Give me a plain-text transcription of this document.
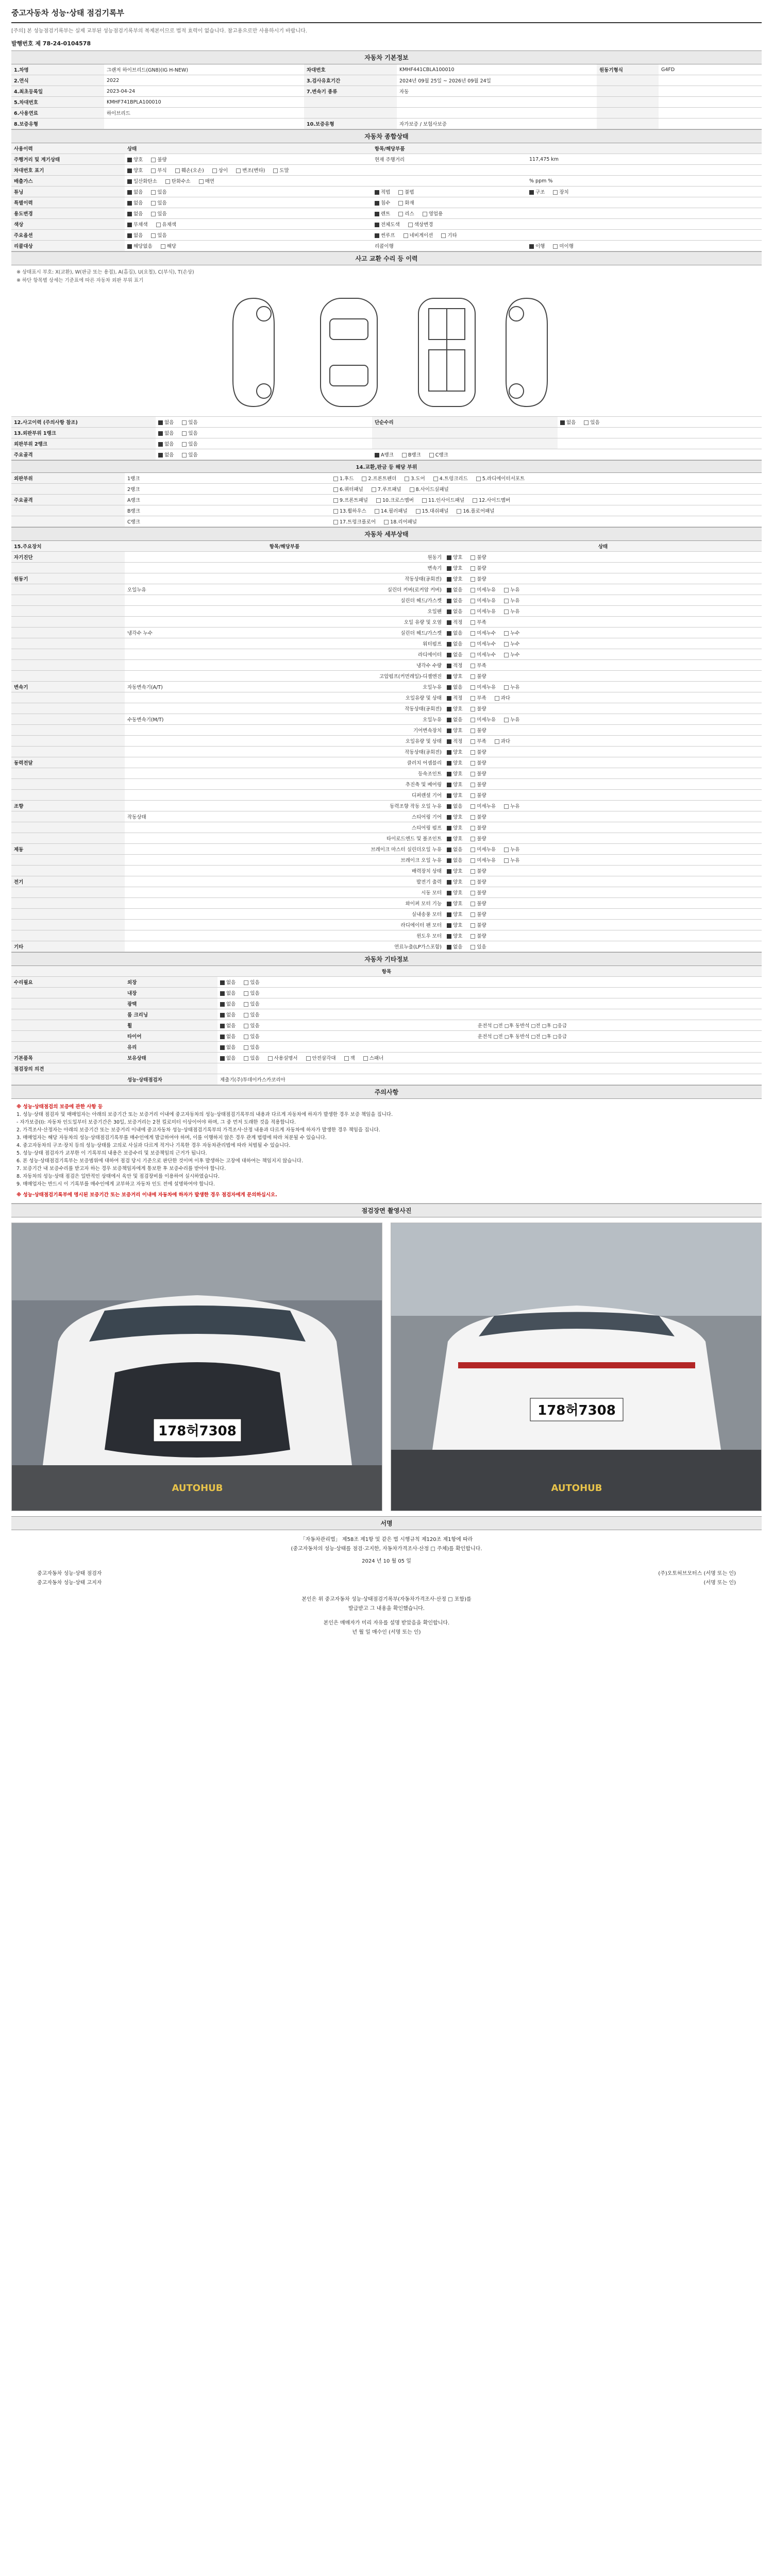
중고자동차 성능·상태 점검기록부
[주의] 본 성능점검기록부는 실제 교부된 성능점검기록부의 복제본이므로 법적 효력이 없습니다. 참고용으로만 사용하시기 바랍니다.
발행번호 제 78-24-0104578
자동차 기본정보
1.차명	그랜저 하이브리드(GN8)(IG H-NEW)	차대번호	KMHF441CBLA100010	원동기형식	G4FD
2.연식	2022	3.검사유효기간	2024년 09월 25일 ~ 2026년 09월 24일		
4.최초등록일	2023-04-24	7.변속기 종류	자동		
5.차대번호	KMHF741BPLA100010				
6.사용연료	하이브리드				
8.보증유형		10.보증유형	자가보증 / 보험사보증		
자동차 종합상태
사용이력	상태	항목/해당부품	
주행거리 및 계기상태	양호 불량	현재 주행거리	117,475 km
차대번호 표기	양호 부식 훼손(오손) 상이 변조(변타) 도말		
배출가스	일산화탄소 탄화수소 매연		% ppm %
튜닝	없음 있음	적법 불법	구조 장치
특별이력	없음 있음	침수 화재	
용도변경	없음 있음	렌트 리스 영업용	
색상	무채색 유채색	전체도색 색상변경	
주요옵션	없음 있음	썬루프 네비게이션 기타	
리콜대상	해당없음 해당	리콜이행	이행 미이행
사고 교환 수리 등 이력
※ 상태표시 부호: X(교환), W(판금 또는 용접), A(흠집), U(요철), C(부식), T(손상)
※ 하단 항목별 상세는 기준표에 따른 자동차 외판 부위 표기
12.사고이력 (주의사항 참조)	없음 있음	단순수리	없음 있음
13.외판부위 1랭크	없음 있음		
외판부위 2랭크	없음 있음		
주요골격	없음 있음	A랭크 B랭크 C랭크	
14.교환,판금 등 해당 부위
외판부위	1랭크	1.후드 2.프론트펜더 3.도어 4.트렁크리드 5.라디에이터서포트
	2랭크	6.쿼터패널 7.루프패널 8.사이드실패널
주요골격	A랭크	9.프론트패널 10.크로스멤버 11.인사이드패널 12.사이드멤버
	B랭크	13.휠하우스 14.필러패널 15.대쉬패널 16.플로어패널
	C랭크	17.트렁크플로어 18.리어패널
자동차 세부상태
15.주요장치	항목/해당부품		상태
자기진단		원동기	양호 불량
		변속기	양호 불량
원동기		작동상태(공회전)	양호 불량
	오일누유	실린더 커버(로커암 커버)	없음 미세누유 누유
		실린더 헤드/가스켓	없음 미세누유 누유
		오일팬	없음 미세누유 누유
		오일 유량 및 오염	적정 부족
	냉각수 누수	실린더 헤드/가스켓	없음 미세누수 누수
		워터펌프	없음 미세누수 누수
		라디에이터	없음 미세누수 누수
		냉각수 수량	적정 부족
		고압펌프(커먼레일)-디젤엔진	양호 불량
변속기	자동변속기(A/T)	오일누유	없음 미세누유 누유
		오일유량 및 상태	적정 부족 과다
		작동상태(공회전)	양호 불량
	수동변속기(M/T)	오일누유	없음 미세누유 누유
		기어변속장치	양호 불량
		오일유량 및 상태	적정 부족 과다
		작동상태(공회전)	양호 불량
동력전달		클러치 어셈블리	양호 불량
		등속조인트	양호 불량
		추진축 및 베어링	양호 불량
		디퍼렌셜 기어	양호 불량
조향		동력조향 작동 오일 누유	없음 미세누유 누유
	작동상태	스티어링 기어	양호 불량
		스티어링 펌프	양호 불량
		타이로드엔드 및 볼조인트	양호 불량
제동		브레이크 마스터 실린더오일 누유	없음 미세누유 누유
		브레이크 오일 누유	없음 미세누유 누유
		배력장치 상태	양호 불량
전기		발전기 출력	양호 불량
		시동 모터	양호 불량
		와이퍼 모터 기능	양호 불량
		실내송풍 모터	양호 불량
		라디에이터 팬 모터	양호 불량
		윈도우 모터	양호 불량
기타		연료누출(LP가스포함)	없음 있음
자동차 기타정보
항목			
수리필요	외장	없음 있음	
	내장	없음 있음	
	광택	없음 있음	
	룸 크리닝	없음 있음	
	휠	없음 있음	운전석 □전 □후 동반석 □전 □후 □응급
	타이어	없음 있음	운전석 □전 □후 동반석 □전 □후 □응급
	유리	없음 있음	
기본품목	보유상태	없음 있음 사용설명서 안전삼각대 잭 스패너	
점검장의 의견			
	성능·상태점검자	제출기(주)투데이카스카코리아	
주의사항
※ 성능·상태점검의 보증에 관한 사항 등
1. 성능·상태 점검자 및 매매업자는 아래의 보증기간 또는 보증거리 이내에 중고자동차의 성능·상태점검기록부의 내용과 다르게 자동차에 하자가 발생한 경우 보증 책임을 집니다.
- 자가보증(Ⅰ): 자동차 인도일부터 보증기간은 30일, 보증거리는 2천 킬로미터 이상이어야 하며, 그 중 먼저 도래한 것을 적용합니다.
2. 가격조사·산정자는 아래의 보증기간 또는 보증거리 이내에 중고자동차 성능·상태점검기록부의 가격조사·산정 내용과 다르게 자동차에 하자가 발생한 경우 책임을 집니다.
3. 매매업자는 해당 자동차의 성능·상태점검기록부를 매수인에게 발급하여야 하며, 이를 이행하지 않은 경우 관계 법령에 따라 처분될 수 있습니다.
4. 중고자동차의 구조·장치 등의 성능·상태를 고의로 사실과 다르게 적거나 기록한 경우 자동차관리법에 따라 처벌될 수 있습니다.
5. 성능·상태 점검자가 교부한 이 기록부의 내용은 보증수리 및 보증책임의 근거가 됩니다.
6. 본 성능·상태점검기록부는 보증범위에 대하여 점검 당시 기준으로 판단한 것이며 이후 발생하는 고장에 대하여는 책임지지 않습니다.
7. 보증기간 내 보증수리를 받고자 하는 경우 보증책임자에게 통보한 후 보증수리를 받아야 합니다.
8. 자동차의 성능·상태 점검은 일반적인 상태에서 육안 및 점검장비를 이용하여 실시하였습니다.
9. 매매업자는 반드시 이 기록부를 매수인에게 교부하고 자동차 인도 전에 설명하여야 합니다.
※ 성능·상태점검기록부에 명시된 보증기간 또는 보증거리 이내에 자동차에 하자가 발생한 경우 점검자에게 문의하십시오.
점검장면 촬영사진
178허7308
AUTOHUB
178허7308
AUTOHUB
서명
「자동차관리법」 제58조 제1항 및 같은 법 시행규칙 제120조 제1항에 따라
(중고자동차의 성능·상태를 점검·고지한, 자동차가격조사·산정 □ 주체)를 확인합니다.
2024 년 10 월 05 일
중고자동차 성능·상태 점검자	(주)오토허브모터스 (서명 또는 인)
중고자동차 성능·상태 고지자	(서명 또는 인)
본인은 위 중고자동차 성능·상태점검기록부(자동차가격조사·산정 □ 포함)를
발급받고 그 내용을 확인했습니다.
본인은 매매자가 미리 자유를 설명 받았음을 확인합니다.
년 월 일 매수인 (서명 또는 인)
